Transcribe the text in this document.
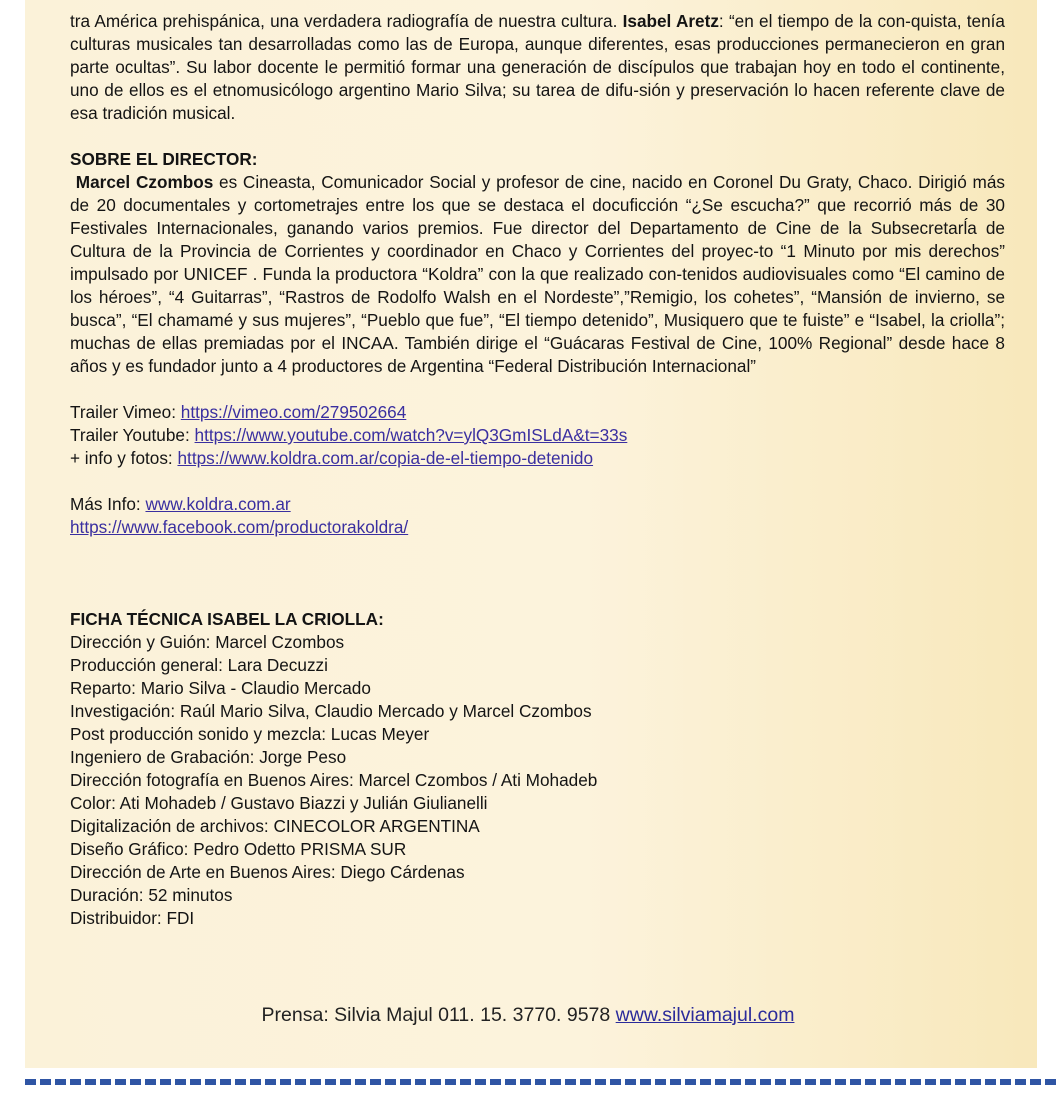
tra América prehispánica, una verdadera radiografía de nuestra cultura. Isabel Aretz: “en el tiempo de la con-quista, tenía culturas musicales tan desarrolladas como las de Europa, aunque diferentes, esas producciones permanecieron en gran parte ocultas”. Su labor docente le permitió formar una generación de discípulos que trabajan hoy en todo el continente, uno de ellos es el etnomusicólogo argentino Mario Silva; su tarea de difu-sión y preservación lo hacen referente clave de esa tradición musical.

SOBRE EL DIRECTOR:

Marcel Czombos es Cineasta, Comunicador Social y profesor de cine, nacido en Coronel Du Graty, Chaco. Dirigió más de 20 documentales y cortometrajes entre los que se destaca el docuficción “¿Se escucha?” que recorrió más de 30 Festivales Internacionales, ganando varios premios. Fue director del Departamento de Cine de la Subsecretarĺa de Cultura de la Provincia de Corrientes y coordinador en Chaco y Corrientes del proyec-to “1 Minuto por mis derechos” impulsado por UNICEF . Funda la productora “Koldra” con la que realizado con-tenidos audiovisuales como “El camino de los héroes”, “4 Guitarras”, “Rastros de Rodolfo Walsh en el Nordeste”,”Remigio, los cohetes”, “Mansión de invierno, se busca”, “El chamamé y sus mujeres”, “Pueblo que fue”, “El tiempo detenido”, Musiquero que te fuiste” e “Isabel, la criolla”; muchas de ellas premiadas por el INCAA. También dirige el “Guácaras Festival de Cine, 100% Regional” desde hace 8 años y es fundador junto a 4 productores de Argentina “Federal Distribución Internacional”

Trailer Vimeo: https://vimeo.com/279502664

Trailer Youtube: https://www.youtube.com/watch?v=ylQ3GmISLdA&t=33s

+ info y fotos: https://www.koldra.com.ar/copia-de-el-tiempo-detenido

Más Info: www.koldra.com.ar

https://www.facebook.com/productorakoldra/

FICHA TÉCNICA ISABEL LA CRIOLLA:

Dirección y Guión: Marcel Czombos

Producción general: Lara Decuzzi

Reparto: Mario Silva - Claudio Mercado

Investigación: Raúl Mario Silva, Claudio Mercado y Marcel Czombos

Post producción sonido y mezcla: Lucas Meyer

Ingeniero de Grabación: Jorge Peso

Dirección fotografía en Buenos Aires: Marcel Czombos / Ati Mohadeb

Color: Ati Mohadeb / Gustavo Biazzi y Julián Giulianelli

Digitalización de archivos: CINECOLOR ARGENTINA

Diseño Gráfico: Pedro Odetto PRISMA SUR

Dirección de Arte en Buenos Aires: Diego Cárdenas

Duración: 52 minutos

Distribuidor: FDI

Prensa: Silvia Majul 011. 15. 3770. 9578 www.silviamajul.com
